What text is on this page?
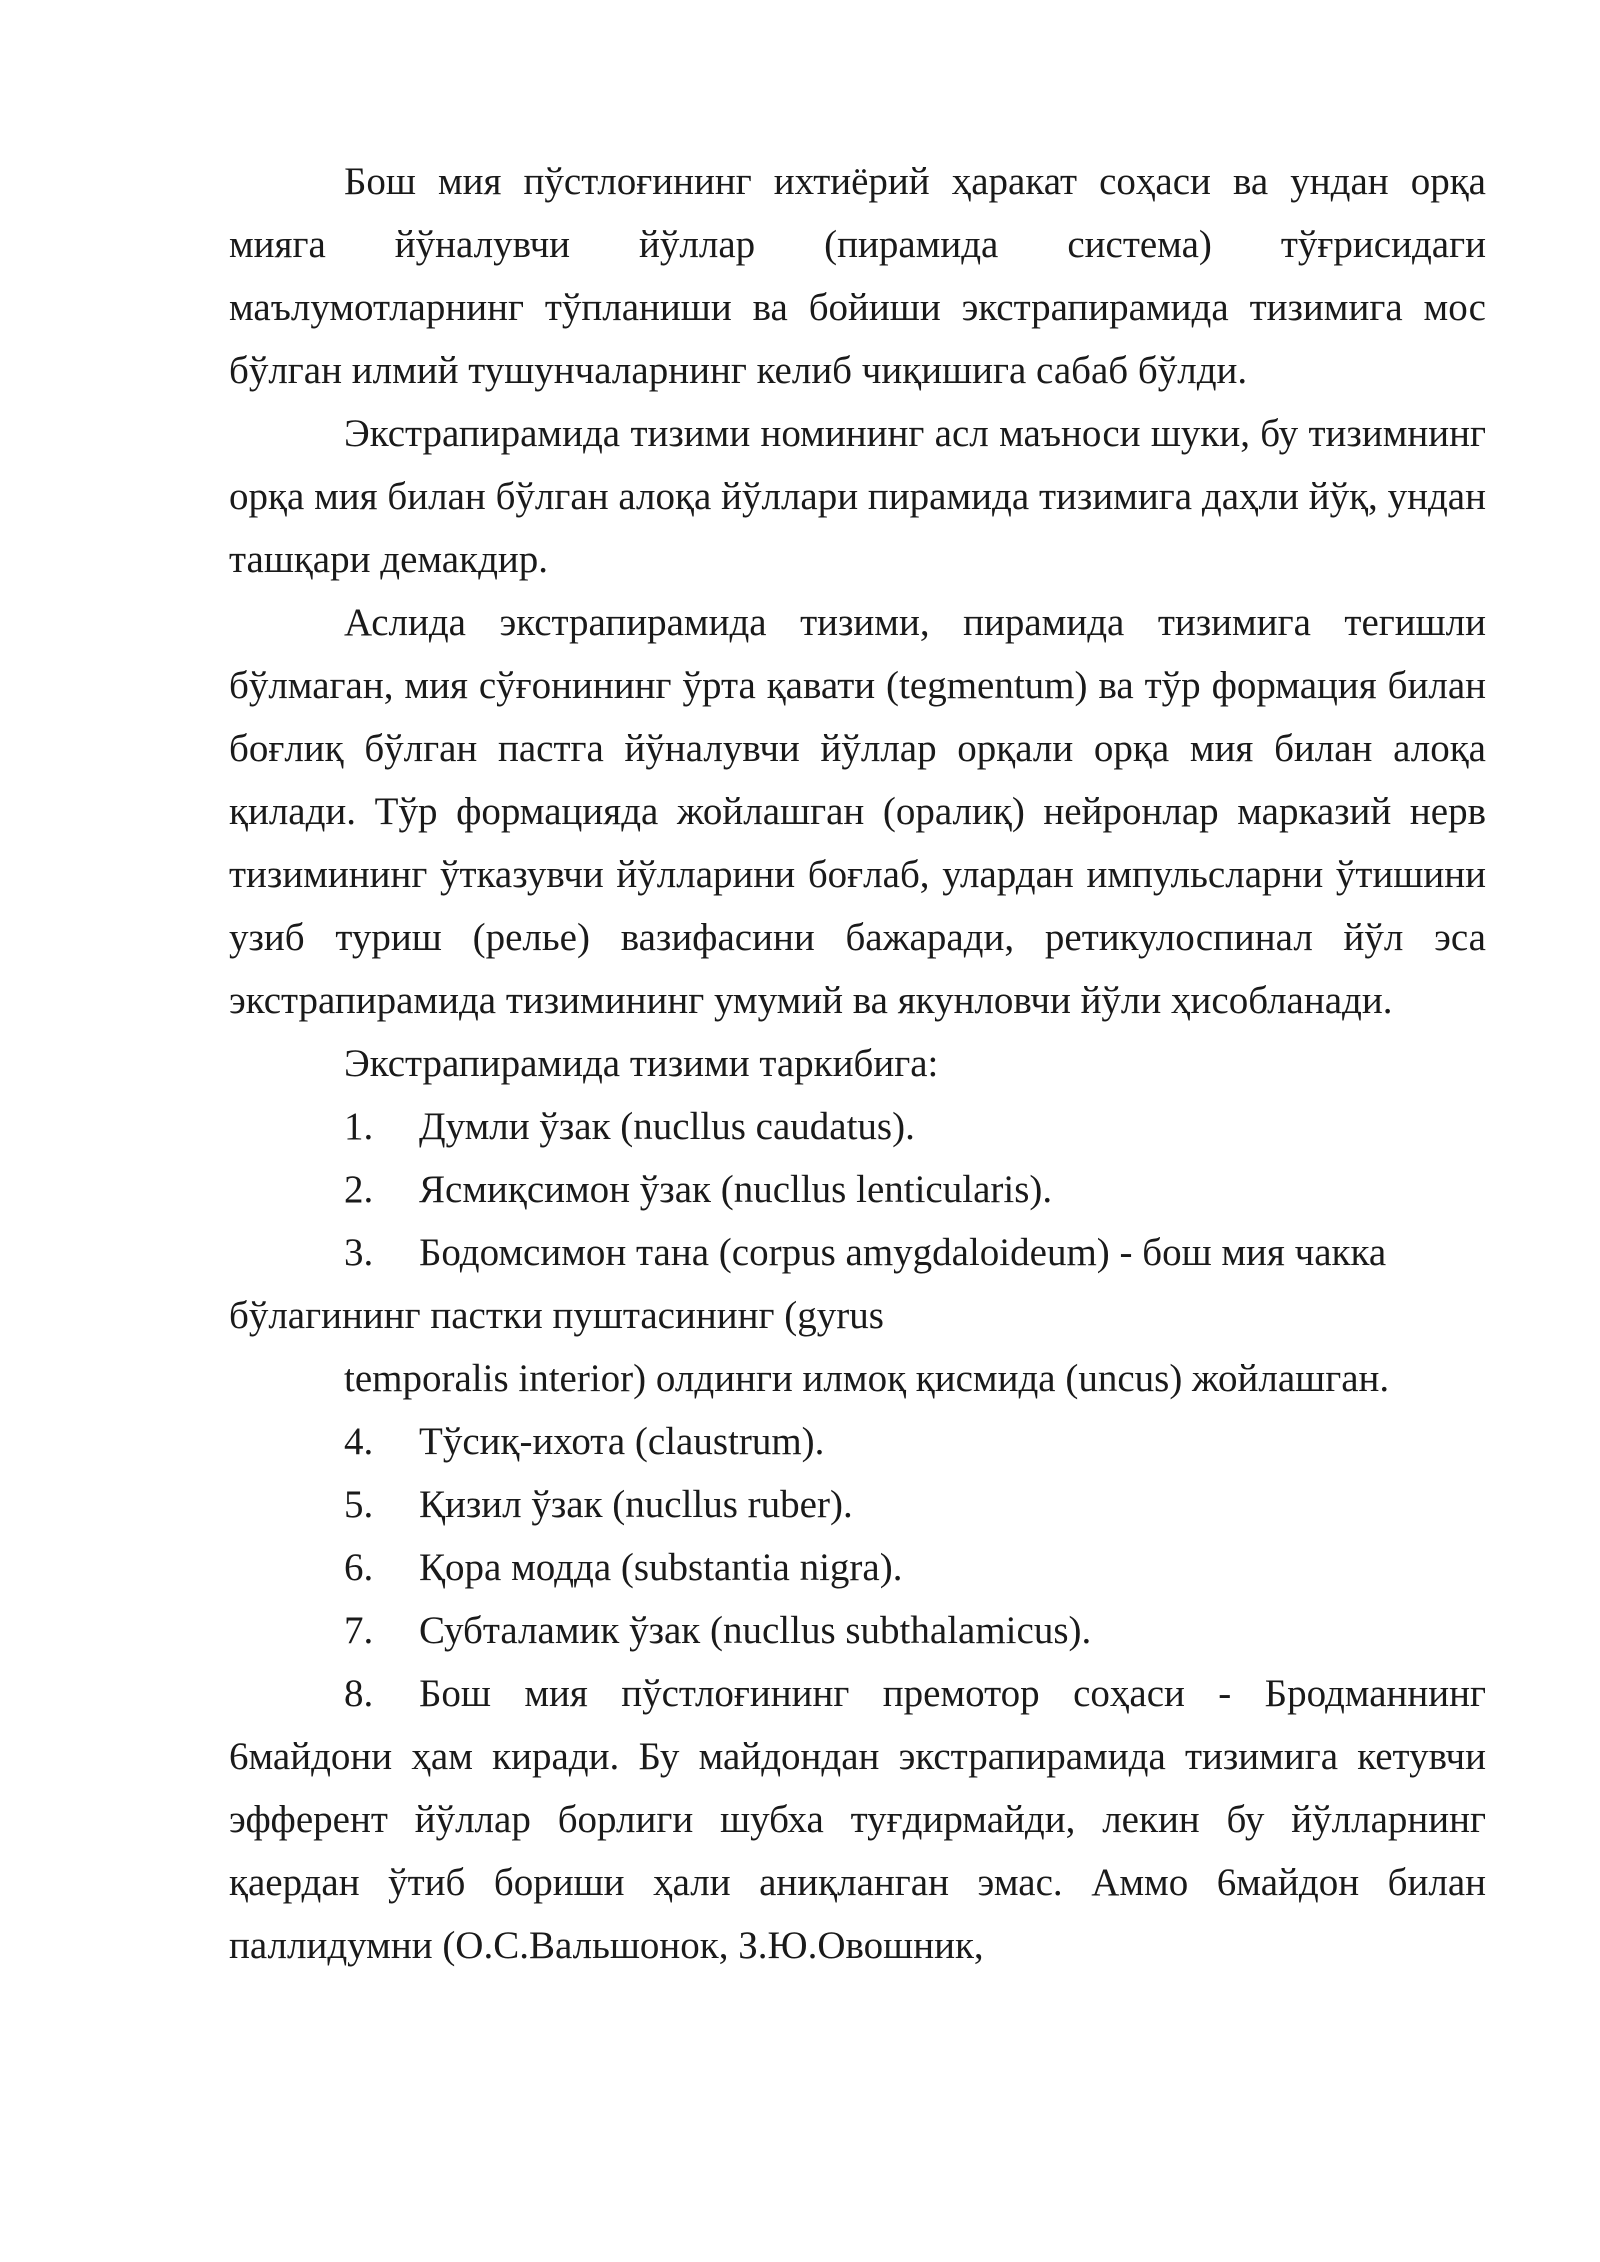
Бош мия пўстлоғининг ихтиёрий ҳаракат соҳаси ва ундан орқа мияга йўналувчи йўллар (пирамида система) тўғрисидаги маълумотларнинг тўпланиши ва бойиши экстрапирамида тизимига мос бўлган илмий тушунчаларнинг келиб чиқишига сабаб бўлди.

Экстрапирамида тизими номининг асл маъноси шуки, бу тизимнинг орқа мия билан бўлган алоқа йўллари пирамида тизимига даҳли йўқ, ундан ташқари демакдир.

Аслида экстрапирамида тизими, пирамида тизимига тегишли бўлмаган, мия сўғонининг ўрта қавати (tegmentum) ва тўр формация билан боғлиқ бўлган пастга йўналувчи йўллар орқали орқа мия билан алоқа қилади. Тўр формацияда жойлашган (оралиқ) нейронлар марказий нерв тизимининг ўтказувчи йўлларини боғлаб, улардан импульсларни ўтишини узиб туриш (релье) вазифасини бажаради, ретикулоспинал йўл эса экстрапирамида тизимининг умумий ва якунловчи йўли ҳисобланади.

Экстрапирамида тизими таркибига:

1. Думли ўзак (nucllus caudatus).

2. Ясмиқсимон ўзак (nucllus lenticularis).

3. Бодомсимон тана (corpus amygdaloideum) - бош мия чакка бўлагининг пастки пуштасининг (gyrus

temporalis interior) олдинги илмоқ қисмида (uncus) жойлашган.

4. Тўсиқ-ихота (claustrum).

5. Қизил ўзак (nucllus ruber).

6. Қора модда (substantia nigra).

7. Субталамик ўзак (nucllus subthalamicus).

8. Бош мия пўстлоғининг премотор соҳаси - Бродманнинг 6майдони ҳам киради. Бу майдондан экстрапирамида тизимига кетувчи эфферент йўллар борлиги шубха туғдирмайди, лекин бу йўлларнинг қаердан ўтиб бориши ҳали аниқланган эмас. Аммо 6майдон билан паллидумни (О.С.Вальшонок, З.Ю.Овошник,
